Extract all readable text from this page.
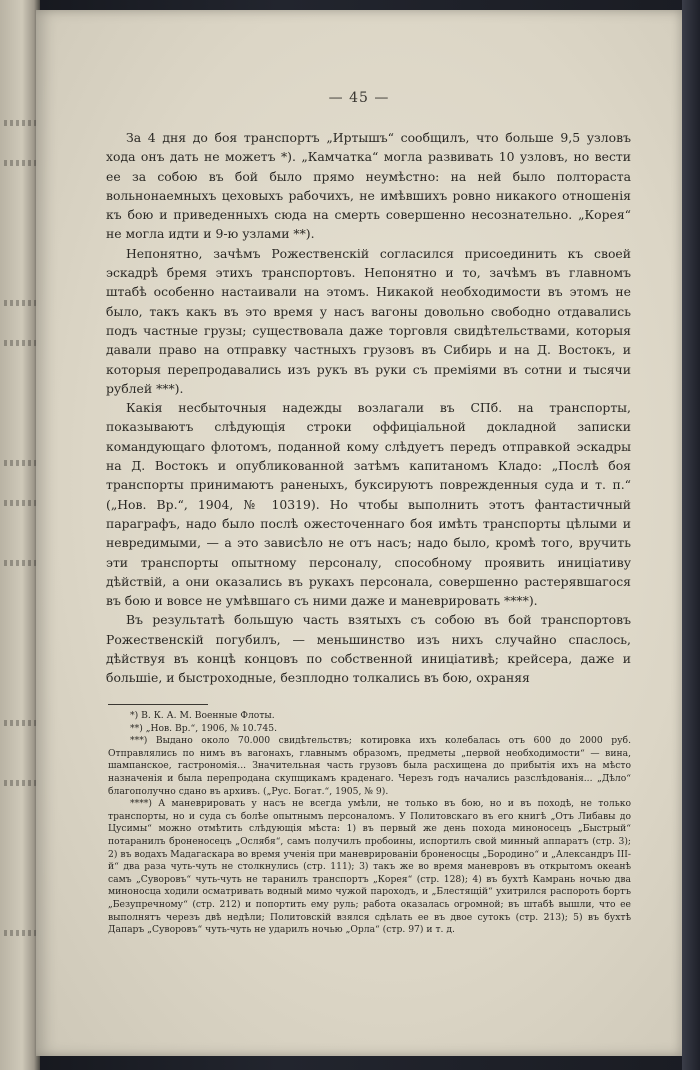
— 45 —

За 4 дня до боя транспортъ „Иртышъ“ сообщилъ, что больше 9,5 узловъ хода онъ дать не можетъ *). „Камчатка“ могла развивать 10 узловъ, но вести ее за собою въ бой было прямо неумѣстно: на ней было полтораста вольнонаемныхъ цеховыхъ рабочихъ, не имѣвшихъ ровно никакого отношенія къ бою и приведенныхъ сюда на смерть совершенно несознательно. „Корея“ не могла идти и 9-ю узлами **).

Непонятно, зачѣмъ Рожественскій согласился присоединить къ своей эскадрѣ бремя этихъ транспортовъ. Непонятно и то, зачѣмъ въ главномъ штабѣ особенно настаивали на этомъ. Никакой необходимости въ этомъ не было, такъ какъ въ это время у насъ вагоны довольно свободно отдавались подъ частные грузы; существовала даже торговля свидѣтельствами, которыя давали право на отправку частныхъ грузовъ въ Сибирь и на Д. Востокъ, и которыя перепродавались изъ рукъ въ руки съ преміями въ сотни и тысячи рублей ***).

Какія несбыточныя надежды возлагали въ СПб. на транспорты, показываютъ слѣдующія строки оффиціальной докладной записки командующаго флотомъ, поданной кому слѣдуетъ передъ отправкой эскадры на Д. Востокъ и опубликованной затѣмъ капитаномъ Кладо: „Послѣ боя транспорты принимаютъ раненыхъ, буксируютъ поврежденныя суда и т. п.“ („Нов. Вр.“, 1904, № 10319). Но чтобы выполнить этотъ фантастичный параграфъ, надо было послѣ ожесточеннаго боя имѣть транспорты цѣлыми и невредимыми, — а это зависѣло не отъ насъ; надо было, кромѣ того, вручить эти транспорты опытному персоналу, способному проявить иниціативу дѣйствій, а они оказались въ рукахъ персонала, совершенно растерявшагося въ бою и вовсе не умѣвшаго съ ними даже и маневрировать ****).

Въ результатѣ большую часть взятыхъ съ собою въ бой транспортовъ Рожественскій погубилъ, — меньшинство изъ нихъ случайно спаслось, дѣйствуя въ концѣ концовъ по собственной иниціативѣ; крейсера, даже и большіе, и быстроходные, безплодно толкались въ бою, охраняя

*) В. К. А. М. Военные Флоты.

**) „Нов. Вр.“, 1906, № 10.745.

***) Выдано около 70.000 свидѣтельствъ; котировка ихъ колебалась отъ 600 до 2000 руб. Отправлялись по нимъ въ вагонахъ, главнымъ образомъ, предметы „первой необходимости“ — вина, шампанское, гастрономія... Значительная часть грузовъ была расхищена до прибытія ихъ на мѣсто назначенія и была перепродана скупщикамъ краденаго. Черезъ годъ начались разслѣдованія... „Дѣло“ благополучно сдано въ архивъ. („Рус. Богат.“, 1905, № 9).

****) А маневрировать у насъ не всегда умѣли, не только въ бою, но и въ походѣ, не только транспорты, но и суда съ болѣе опытнымъ персоналомъ. У Политовскаго въ его книгѣ „Отъ Либавы до Цусимы“ можно отмѣтить слѣдующія мѣста: 1) въ первый же день похода миноносецъ „Быстрый“ потаранилъ броненосецъ „Ослябя“, самъ получилъ пробоины, испортилъ свой минный аппаратъ (стр. 3); 2) въ водахъ Мадагаскара во время ученія при маневрированіи броненосцы „Бородино“ и „Александръ III-й“ два раза чуть-чуть не столкнулись (стр. 111); 3) такъ же во время маневровъ въ открытомъ океанѣ самъ „Суворовъ“ чуть-чуть не таранилъ транспортъ „Корея“ (стр. 128); 4) въ бухтѣ Камрань ночью два миноносца ходили осматривать водный мимо чужой пароходъ, и „Блестящій“ ухитрился распороть бортъ „Безупречному“ (стр. 212) и попортить ему руль; работа оказалась огромной; въ штабѣ вышли, что ее выполнятъ черезъ двѣ недѣли; Политовскій взялся сдѣлать ее въ двое сутокъ (стр. 213); 5) въ бухтѣ Дапаръ „Суворовъ“ чуть-чуть не ударилъ ночью „Орла“ (стр. 97) и т. д.
